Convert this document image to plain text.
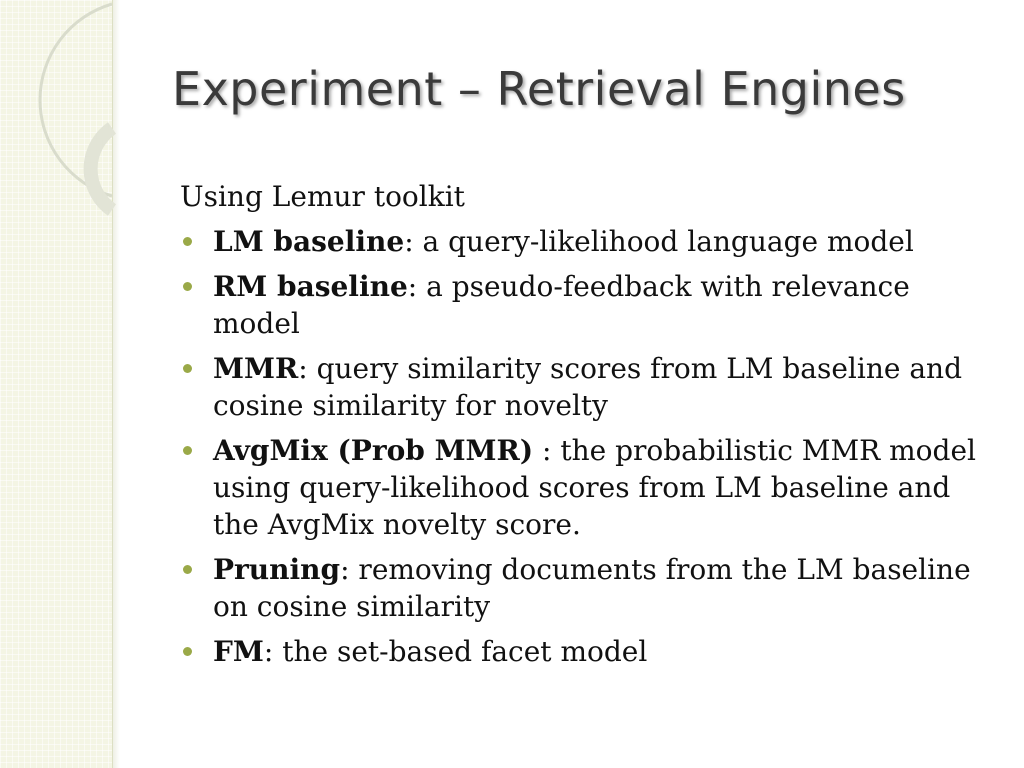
Experiment – Retrieval Engines

Using Lemur toolkit

LM baseline: a query-likelihood language model
RM baseline: a pseudo-feedback with relevance model
MMR: query similarity scores from LM baseline and cosine similarity for novelty
AvgMix (Prob MMR) : the probabilistic MMR model using query-likelihood scores from LM baseline and the AvgMix novelty score.
Pruning: removing documents from the LM baseline on cosine similarity
FM: the set-based facet model
